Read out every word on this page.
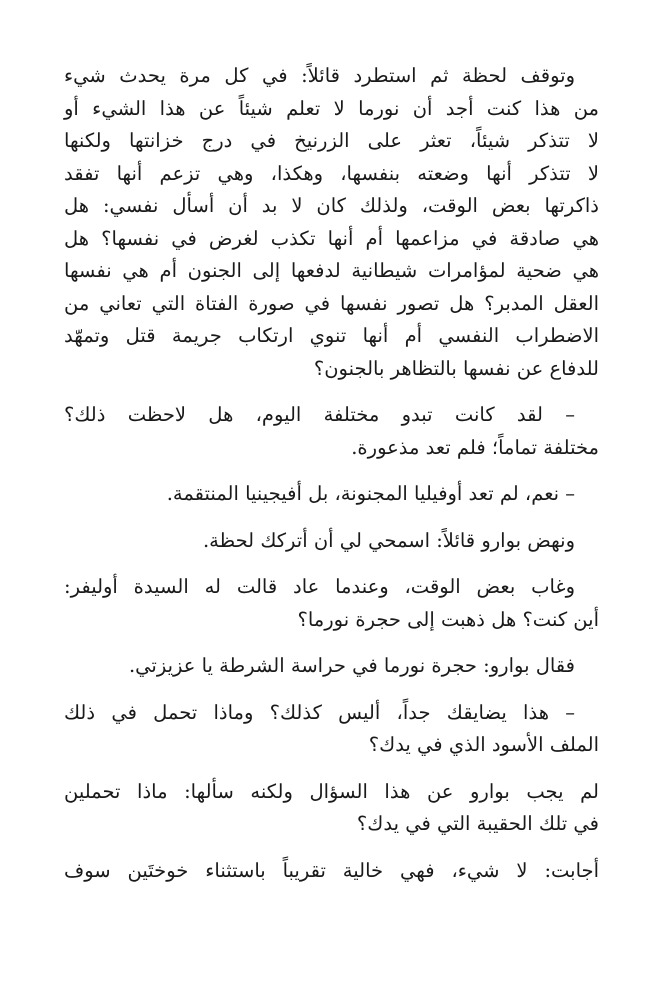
وتوقف لحظة ثم استطرد قائلاً: في كل مرة يحدث شيء
من هذا كنت أجد أن نورما لا تعلم شيئاً عن هذا الشيء أو
لا تتذكر شيئاً، تعثر على الزرنيخ في درج خزانتها ولكنها
لا تتذكر أنها وضعته بنفسها، وهكذا، وهي تزعم أنها تفقد
ذاكرتها بعض الوقت، ولذلك كان لا بد أن أسأل نفسي: هل
هي صادقة في مزاعمها أم أنها تكذب لغرض في نفسها؟ هل
هي ضحية لمؤامرات شيطانية لدفعها إلى الجنون أم هي نفسها
العقل المدبر؟ هل تصور نفسها في صورة الفتاة التي تعاني من
الاضطراب النفسي أم أنها تنوي ارتكاب جريمة قتل وتمهّد
للدفاع عن نفسها بالتظاهر بالجنون؟

– لقد كانت تبدو مختلفة اليوم، هل لاحظت ذلك؟
مختلفة تماماً؛ فلم تعد مذعورة.

– نعم، لم تعد أوفيليا المجنونة، بل أفيجينيا المنتقمة.

ونهض بوارو قائلاً: اسمحي لي أن أتركك لحظة.

وغاب بعض الوقت، وعندما عاد قالت له السيدة أوليفر:
أين كنت؟ هل ذهبت إلى حجرة نورما؟

فقال بوارو: حجرة نورما في حراسة الشرطة يا عزيزتي.

– هذا يضايقك جداً، أليس كذلك؟ وماذا تحمل في ذلك
الملف الأسود الذي في يدك؟

لم يجب بوارو عن هذا السؤال ولكنه سألها: ماذا تحملين
في تلك الحقيبة التي في يدك؟

أجابت: لا شيء، فهي خالية تقريباً باستثناء خوختَين سوف
